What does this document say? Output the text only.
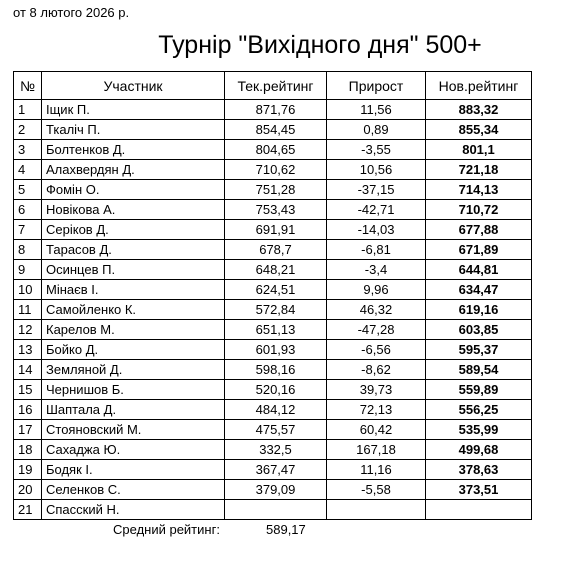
от 8 лютого 2026 р.
Турнір "Вихідного дня" 500+
№	Участник	Тек.рейтинг	Прирост	Нов.рейтинг
1	Іщик П.	871,76	11,56	883,32
2	Ткаліч П.	854,45	0,89	855,34
3	Болтенков Д.	804,65	-3,55	801,1
4	Алахвердян Д.	710,62	10,56	721,18
5	Фомін О.	751,28	-37,15	714,13
6	Новікова А.	753,43	-42,71	710,72
7	Серіков Д.	691,91	-14,03	677,88
8	Тарасов Д.	678,7	-6,81	671,89
9	Осинцев П.	648,21	-3,4	644,81
10	Мінаєв І.	624,51	9,96	634,47
11	Самойленко К.	572,84	46,32	619,16
12	Карелов М.	651,13	-47,28	603,85
13	Бойко Д.	601,93	-6,56	595,37
14	Земляной Д.	598,16	-8,62	589,54
15	Чернишов Б.	520,16	39,73	559,89
16	Шаптала Д.	484,12	72,13	556,25
17	Стояновский М.	475,57	60,42	535,99
18	Сахаджа Ю.	332,5	167,18	499,68
19	Бодяк І.	367,47	11,16	378,63
20	Селенков С.	379,09	-5,58	373,51
21	Спасский Н.			
Средний рейтинг:	589,17
